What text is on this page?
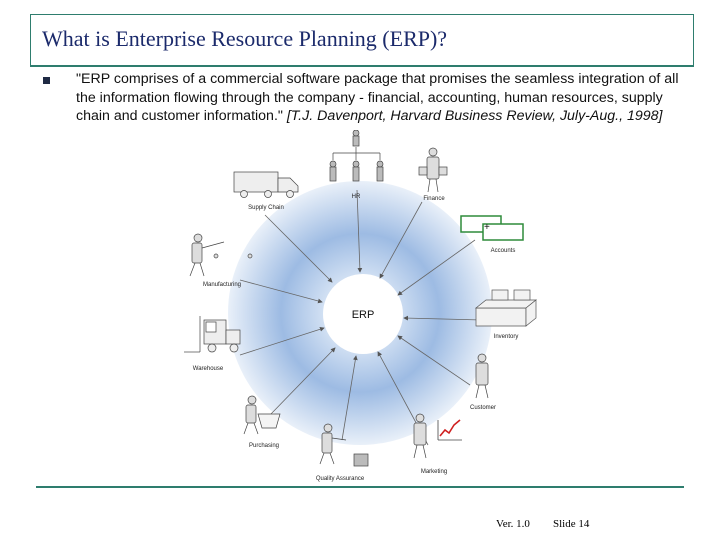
What is Enterprise Resource Planning (ERP)?

"ERP comprises of a commercial software package that promises the seamless integration of all the information flowing through the company - financial, accounting, human resources, supply chain and customer information." [T.J. Davenport, Harvard Business Review, July-Aug., 1998]

ERP
HR	Finance
Supply Chain
+
Accounts
Manufacturing
Inventory
Warehouse
Customer
Purchasing
Quality Assurance
Marketing
Ver. 1.0 Slide 14
